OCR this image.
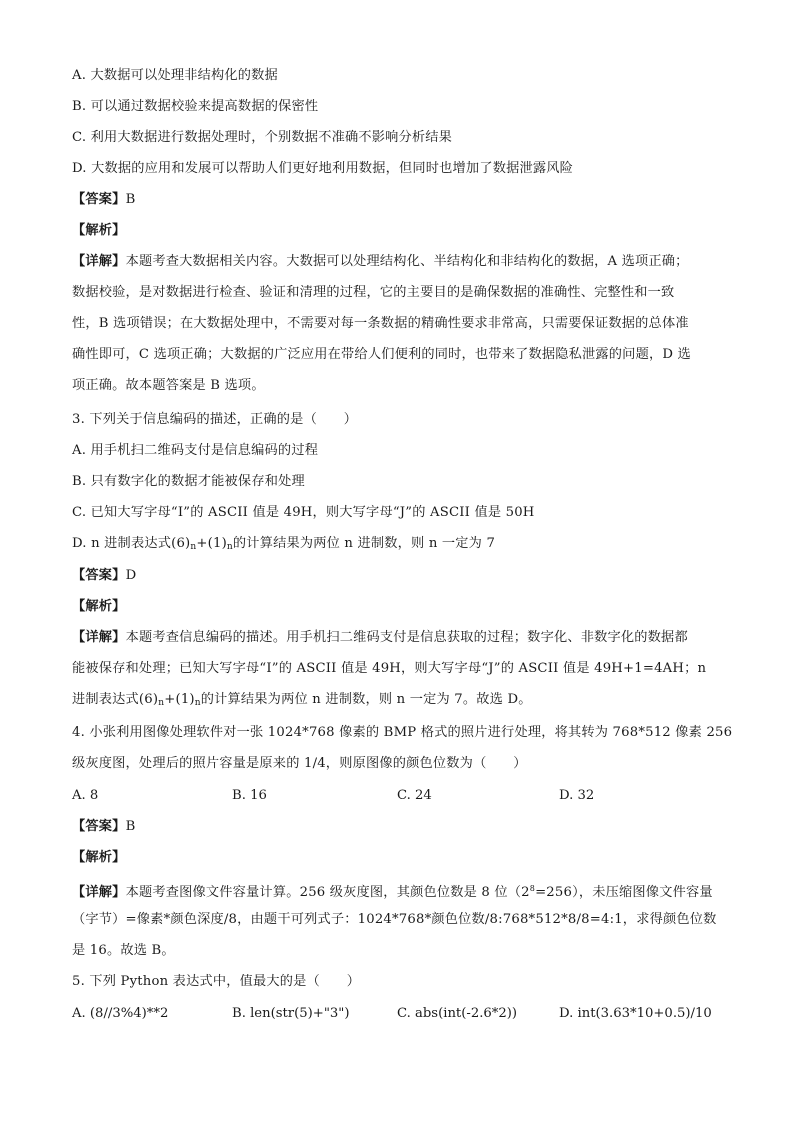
A. 大数据可以处理非结构化的数据
B. 可以通过数据校验来提高数据的保密性
C. 利用大数据进行数据处理时，个别数据不准确不影响分析结果
D. 大数据的应用和发展可以帮助人们更好地利用数据，但同时也增加了数据泄露风险
【答案】B
【解析】
【详解】本题考查大数据相关内容。大数据可以处理结构化、半结构化和非结构化的数据，A 选项正确；
数据校验，是对数据进行检查、验证和清理的过程，它的主要目的是确保数据的准确性、完整性和一致
性，B 选项错误；在大数据处理中，不需要对每一条数据的精确性要求非常高，只需要保证数据的总体准
确性即可，C 选项正确；大数据的广泛应用在带给人们便利的同时，也带来了数据隐私泄露的问题，D 选
项正确。故本题答案是 B 选项。
3. 下列关于信息编码的描述，正确的是（　　）
A. 用手机扫二维码支付是信息编码的过程
B. 只有数字化的数据才能被保存和处理
C. 已知大写字母“I”的 ASCII 值是 49H，则大写字母“J”的 ASCII 值是 50H
D. n 进制表达式$(6)_n+(1)_n$的计算结果为两位 n 进制数，则 n 一定为 7
【答案】D
【解析】
【详解】本题考查信息编码的描述。用手机扫二维码支付是信息获取的过程；数字化、非数字化的数据都
能被保存和处理；已知大写字母“I”的 ASCII 值是 49H，则大写字母“J”的 ASCII 值是 49H+1=4AH；n
进制表达式$(6)_n+(1)_n$的计算结果为两位 n 进制数，则 n 一定为 7。故选 D。
4. 小张利用图像处理软件对一张 1024*768 像素的 BMP 格式的照片进行处理，将其转为 768*512 像素 256
级灰度图，处理后的照片容量是原来的 1/4，则原图像的颜色位数为（　　）
A. 8	B. 16	C. 24	D. 32
【答案】B
【解析】
【详解】本题考查图像文件容量计算。256 级灰度图，其颜色位数是 8 位$(2^8=256)$，未压缩图像文件容量
（字节）=像素*颜色深度/8，由题干可列式子：1024*768*颜色位数/8:768*512*8/8=4:1，求得颜色位数
是 16。故选 B。
5. 下列 Python 表达式中，值最大的是（　　）
A. (8//3%4)**2	B. len(str(5)+"3")	C. abs(int(-2.6*2))	D. int(3.63*10+0.5)/10
